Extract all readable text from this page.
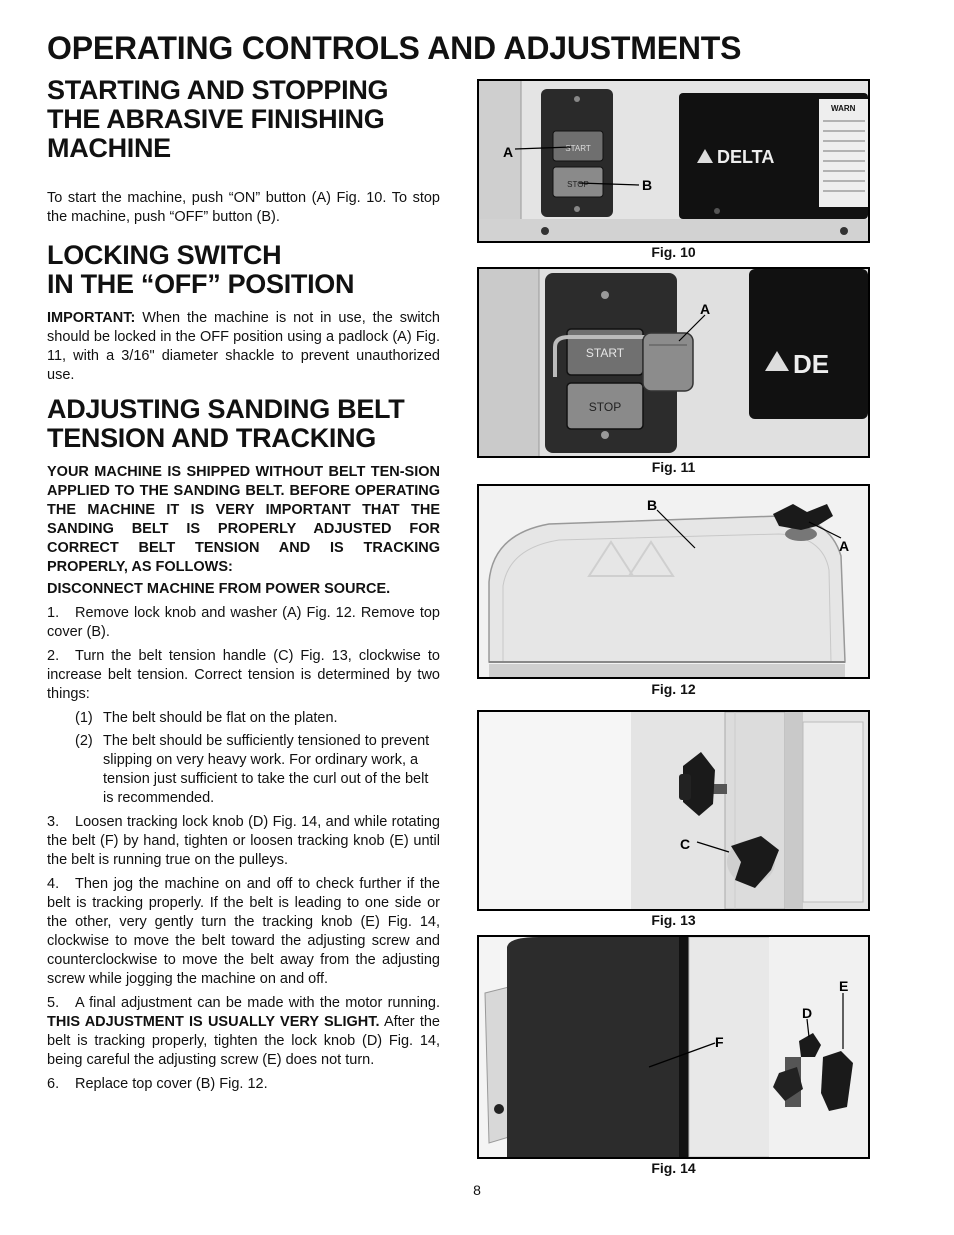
OPERATING CONTROLS AND ADJUSTMENTS
STARTING AND STOPPING
THE ABRASIVE FINISHING
MACHINE

To start the machine, push “ON” button (A) Fig. 10. To stop the machine, push “OFF” button (B).

LOCKING SWITCH
IN THE “OFF” POSITION

IMPORTANT: When the machine is not in use, the switch should be locked in the OFF position using a padlock (A) Fig. 11, with a 3/16" diameter shackle to prevent unauthorized use.

ADJUSTING SANDING BELT
TENSION AND TRACKING

YOUR MACHINE IS SHIPPED WITHOUT BELT TEN-SION APPLIED TO THE SANDING BELT. BEFORE OPERATING THE MACHINE IT IS VERY IMPORTANT THAT THE SANDING BELT IS PROPERLY ADJUSTED FOR CORRECT BELT TENSION AND IS TRACKING PROPERLY, AS FOLLOWS:

DISCONNECT MACHINE FROM POWER SOURCE.

1. Remove lock knob and washer (A) Fig. 12. Remove top cover (B).

2. Turn the belt tension handle (C) Fig. 13, clockwise to increase belt tension. Correct tension is determined by two things:

(1) The belt should be flat on the platen.
(2) The belt should be sufficiently tensioned to prevent slipping on very heavy work. For ordinary work, a tension just sufficient to take the curl out of the belt is recommended.

3. Loosen tracking lock knob (D) Fig. 14, and while rotating the belt (F) by hand, tighten or loosen tracking knob (E) until the belt is running true on the pulleys.

4. Then jog the machine on and off to check further if the belt is tracking properly. If the belt is leading to one side or the other, very gently turn the tracking knob (E) Fig. 14, clockwise to move the belt toward the adjusting screw and counterclockwise to move the belt away from the adjusting screw while jogging the machine on and off.

5. A final adjustment can be made with the motor running. THIS ADJUSTMENT IS USUALLY VERY SLIGHT. After the belt is tracking properly, tighten the lock knob (D) Fig. 14, being careful the adjusting screw (E) does not turn.

6. Replace top cover (B) Fig. 12.

START
STOP
DELTA
WARN
A
B
Fig. 10
START
STOP
DE
A
Fig. 11
B
A
Fig. 12
C
Fig. 13
D
E
F
Fig. 14
8
